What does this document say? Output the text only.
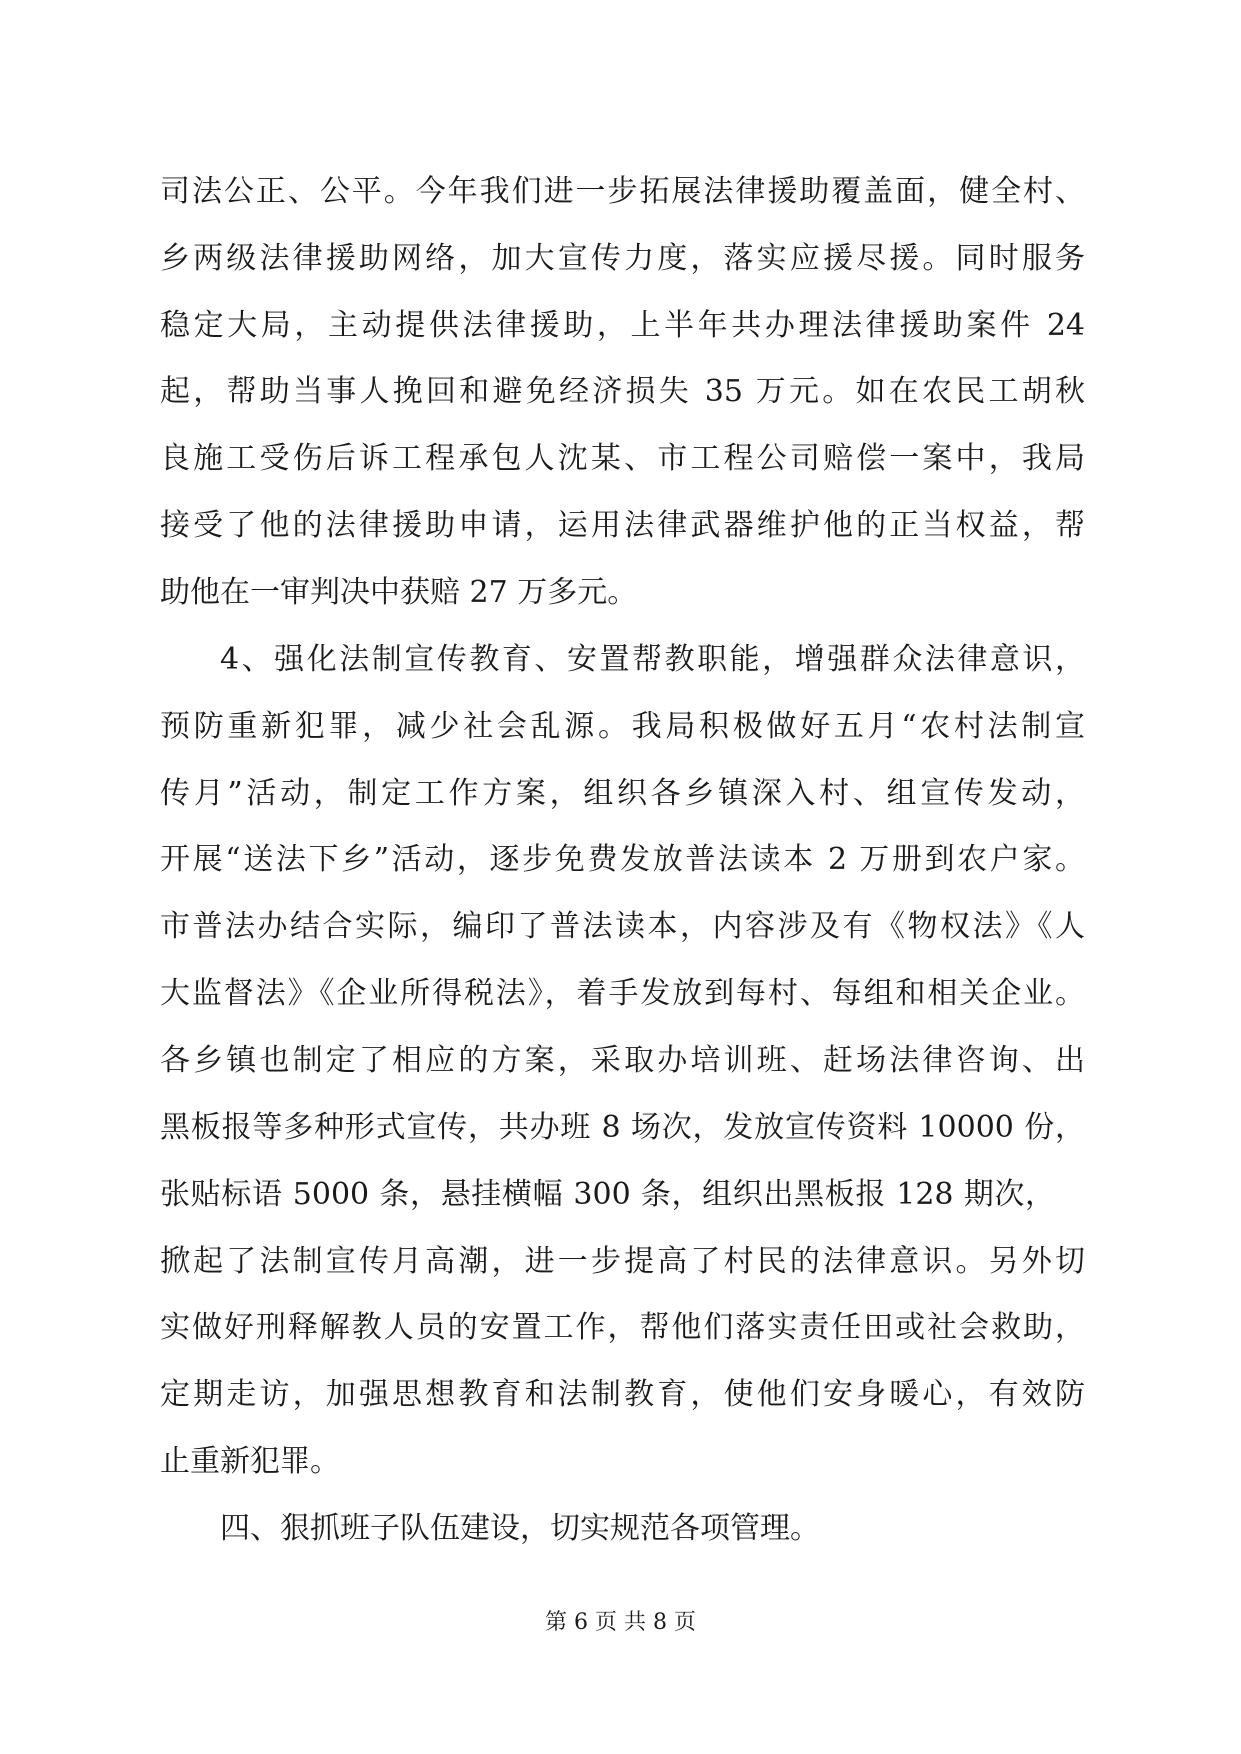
司法公正、公平。今年我们进一步拓展法律援助覆盖面，健全村、
乡两级法律援助网络，加大宣传力度，落实应援尽援。同时服务
稳定大局，主动提供法律援助，上半年共办理法律援助案件 24
起，帮助当事人挽回和避免经济损失 35 万元。如在农民工胡秋
良施工受伤后诉工程承包人沈某、市工程公司赔偿一案中，我局
接受了他的法律援助申请，运用法律武器维护他的正当权益，帮
助他在一审判决中获赔 27 万多元。
4、强化法制宣传教育、安置帮教职能，增强群众法律意识，
预防重新犯罪，减少社会乱源。我局积极做好五月“农村法制宣
传月”活动，制定工作方案，组织各乡镇深入村、组宣传发动，
开展“送法下乡”活动，逐步免费发放普法读本 2 万册到农户家。
市普法办结合实际，编印了普法读本，内容涉及有《物权法》《人
大监督法》《企业所得税法》，着手发放到每村、每组和相关企业。
各乡镇也制定了相应的方案，采取办培训班、赶场法律咨询、出
黑板报等多种形式宣传，共办班 8 场次，发放宣传资料 10000 份，
张贴标语 5000 条，悬挂横幅 300 条，组织出黑板报 128 期次，
掀起了法制宣传月高潮，进一步提高了村民的法律意识。另外切
实做好刑释解教人员的安置工作，帮他们落实责任田或社会救助，
定期走访，加强思想教育和法制教育，使他们安身暖心，有效防
止重新犯罪。
四、狠抓班子队伍建设，切实规范各项管理。
第 6 页 共 8 页
